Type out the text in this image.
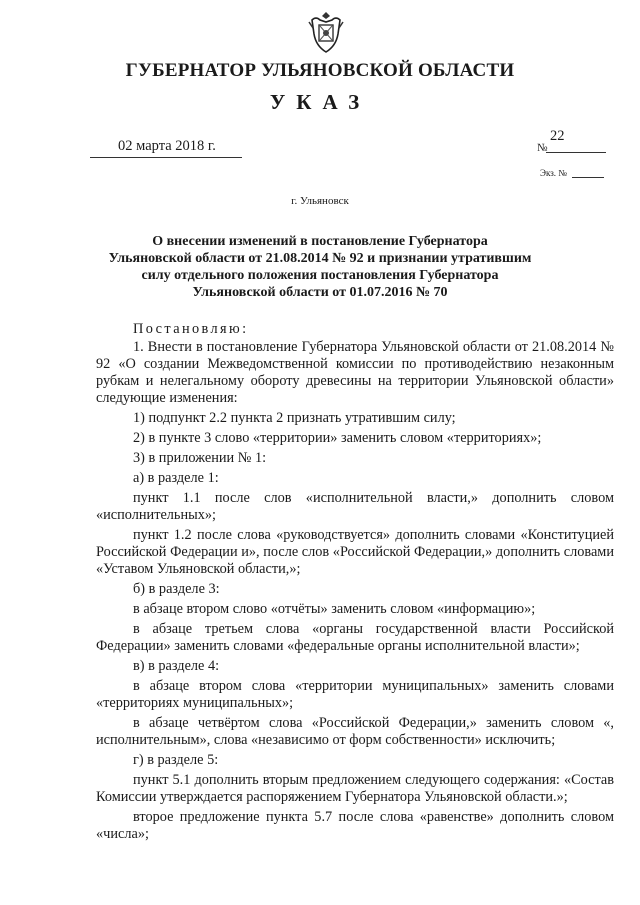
ГУБЕРНАТОР УЛЬЯНОВСКОЙ ОБЛАСТИ
УКАЗ
02 марта 2018 г.	№
22
Экз. №
г. Ульяновск
О внесении изменений в постановление Губернатора
Ульяновской области от 21.08.2014 № 92 и признании утратившим
силу отдельного положения постановления Губернатора
Ульяновской области от 01.07.2016 № 70

Постановляю:

1. Внести в постановление Губернатора Ульяновской области от 21.08.2014 № 92 «О создании Межведомственной комиссии по противодействию незаконным рубкам и нелегальному обороту древесины на территории Ульяновской области» следующие изменения:

1) подпункт 2.2 пункта 2 признать утратившим силу;

2) в пункте 3 слово «территории» заменить словом «территориях»;

3) в приложении № 1:

а) в разделе 1:

пункт 1.1 после слов «исполнительной власти,» дополнить словом «исполнительных»;

пункт 1.2 после слова «руководствуется» дополнить словами «Конституцией Российской Федерации и», после слов «Российской Федерации,» дополнить словами «Уставом Ульяновской области,»;

б) в разделе 3:

в абзаце втором слово «отчёты» заменить словом «информацию»;

в абзаце третьем слова «органы государственной власти Российской Федерации» заменить словами «федеральные органы исполнительной власти»;

в) в разделе 4:

в абзаце втором слова «территории муниципальных» заменить словами «территориях муниципальных»;

в абзаце четвёртом слова «Российской Федерации,» заменить словом «, исполнительным», слова «независимо от форм собственности» исключить;

г) в разделе 5:

пункт 5.1 дополнить вторым предложением следующего содержания: «Состав Комиссии утверждается распоряжением Губернатора Ульяновской области.»;

второе предложение пункта 5.7 после слова «равенстве» дополнить словом «числа»;
